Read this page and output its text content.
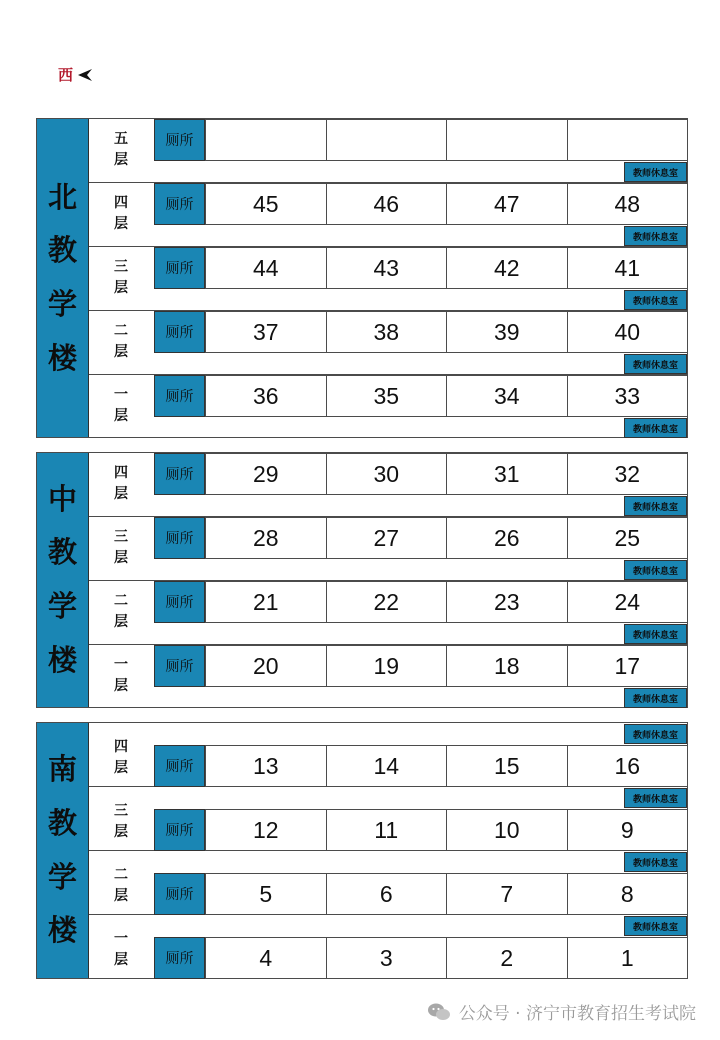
西
北
教
学
楼
五层
厕所
教师休息室
四层
厕所	45	46	47	48
教师休息室
三层
厕所	44	43	42	41
教师休息室
二层
厕所	37	38	39	40
教师休息室
一层
厕所	36	35	34	33
教师休息室
中
教
学
楼
四层
厕所	29	30	31	32
教师休息室
三层
厕所	28	27	26	25
教师休息室
二层
厕所	21	22	23	24
教师休息室
一层
厕所	20	19	18	17
教师休息室
南
教
学
楼
四层	厕所	13	14	15	16
教师休息室
三层	厕所	12	11	10	9
教师休息室
二层	厕所	5	6	7	8
教师休息室
一层	厕所	4	3	2	1
教师休息室
公众号 · 济宁市教育招生考试院
